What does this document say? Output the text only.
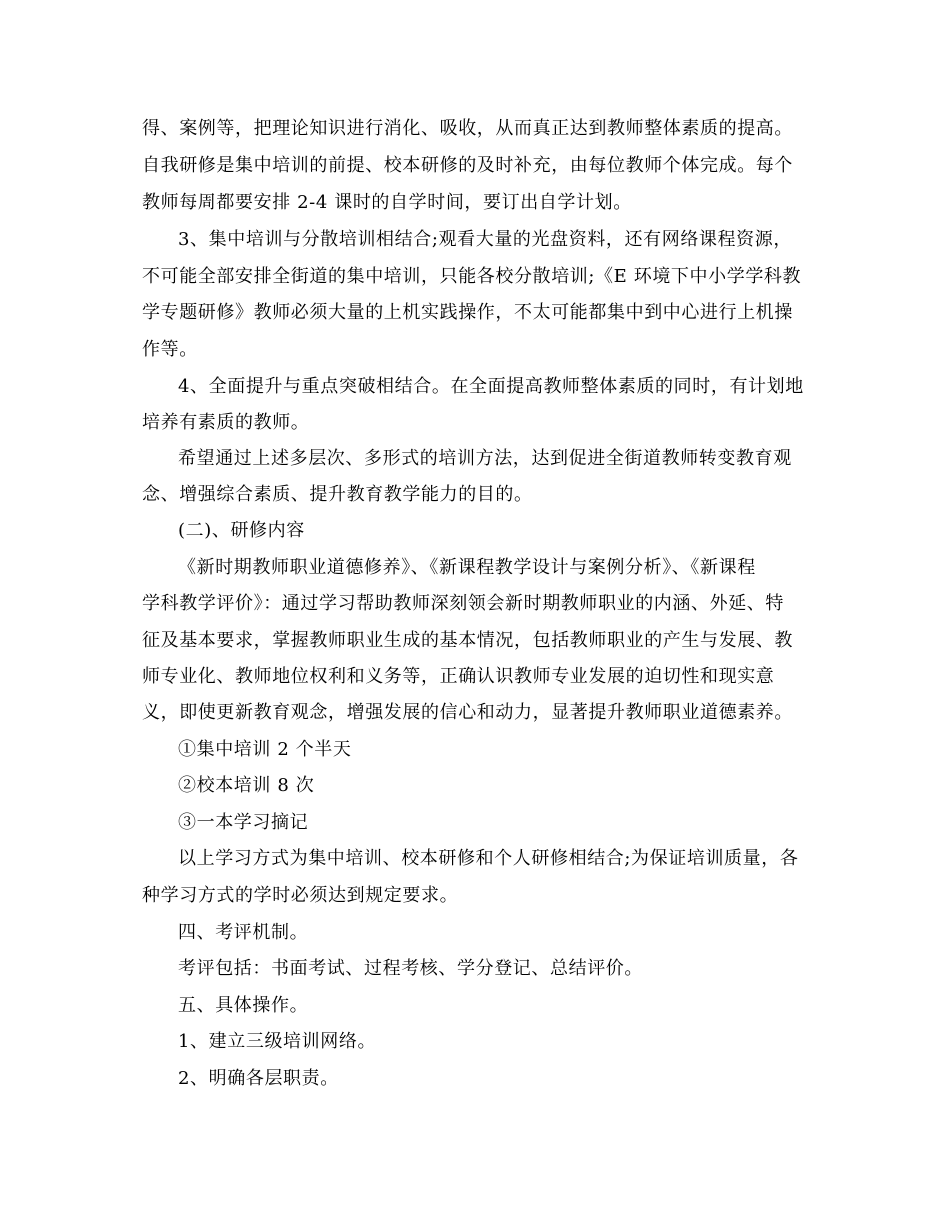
得、案例等，把理论知识进行消化、吸收，从而真正达到教师整体素质的提高。
自我研修是集中培训的前提、校本研修的及时补充，由每位教师个体完成。每个
教师每周都要安排 2-4 课时的自学时间，要订出自学计划。
3、集中培训与分散培训相结合;观看大量的光盘资料，还有网络课程资源，
不可能全部安排全街道的集中培训，只能各校分散培训;《E 环境下中小学学科教
学专题研修》教师必须大量的上机实践操作，不太可能都集中到中心进行上机操
作等。
4、全面提升与重点突破相结合。在全面提高教师整体素质的同时，有计划地
培养有素质的教师。
希望通过上述多层次、多形式的培训方法，达到促进全街道教师转变教育观
念、增强综合素质、提升教育教学能力的目的。
(二)、研修内容
《新时期教师职业道德修养》、《新课程教学设计与案例分析》、《新课程
学科教学评价》：通过学习帮助教师深刻领会新时期教师职业的内涵、外延、特
征及基本要求，掌握教师职业生成的基本情况，包括教师职业的产生与发展、教
师专业化、教师地位权利和义务等，正确认识教师专业发展的迫切性和现实意
义，即使更新教育观念，增强发展的信心和动力，显著提升教师职业道德素养。
①集中培训 2 个半天
②校本培训 8 次
③一本学习摘记
以上学习方式为集中培训、校本研修和个人研修相结合;为保证培训质量，各
种学习方式的学时必须达到规定要求。
四、考评机制。
考评包括：书面考试、过程考核、学分登记、总结评价。
五、具体操作。
1、建立三级培训网络。
2、明确各层职责。
